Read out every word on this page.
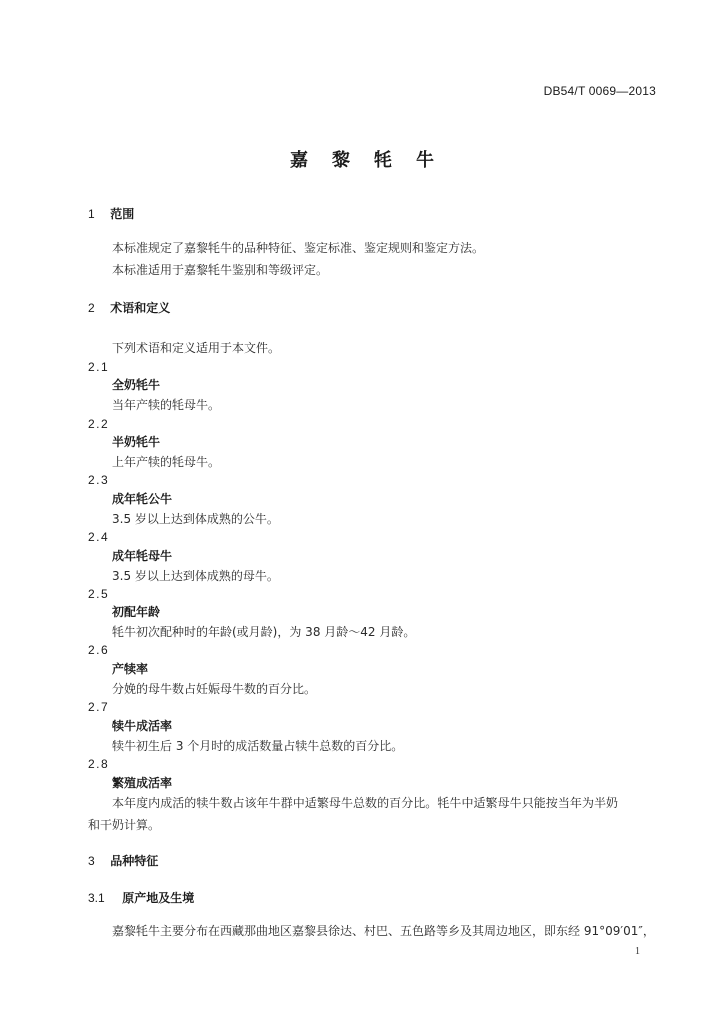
DB54/T 0069—2013
嘉黎牦牛
1 范围
本标准规定了嘉黎牦牛的品种特征、鉴定标准、鉴定规则和鉴定方法。
本标准适用于嘉黎牦牛鉴别和等级评定。
2 术语和定义
下列术语和定义适用于本文件。
2.1
全奶牦牛
当年产犊的牦母牛。
2.2
半奶牦牛
上年产犊的牦母牛。
2.3
成年牦公牛
3.5 岁以上达到体成熟的公牛。
2.4
成年牦母牛
3.5 岁以上达到体成熟的母牛。
2.5
初配年龄
牦牛初次配种时的年龄(或月龄)，为 38 月龄～42 月龄。
2.6
产犊率
分娩的母牛数占妊娠母牛数的百分比。
2.7
犊牛成活率
犊牛初生后 3 个月时的成活数量占犊牛总数的百分比。
2.8
繁殖成活率
本年度内成活的犊牛数占该年牛群中适繁母牛总数的百分比。牦牛中适繁母牛只能按当年为半奶
和干奶计算。
3 品种特征
3.1 原产地及生境
嘉黎牦牛主要分布在西藏那曲地区嘉黎县徐达、村巴、五色路等乡及其周边地区，即东经 91°09′01″，
1
